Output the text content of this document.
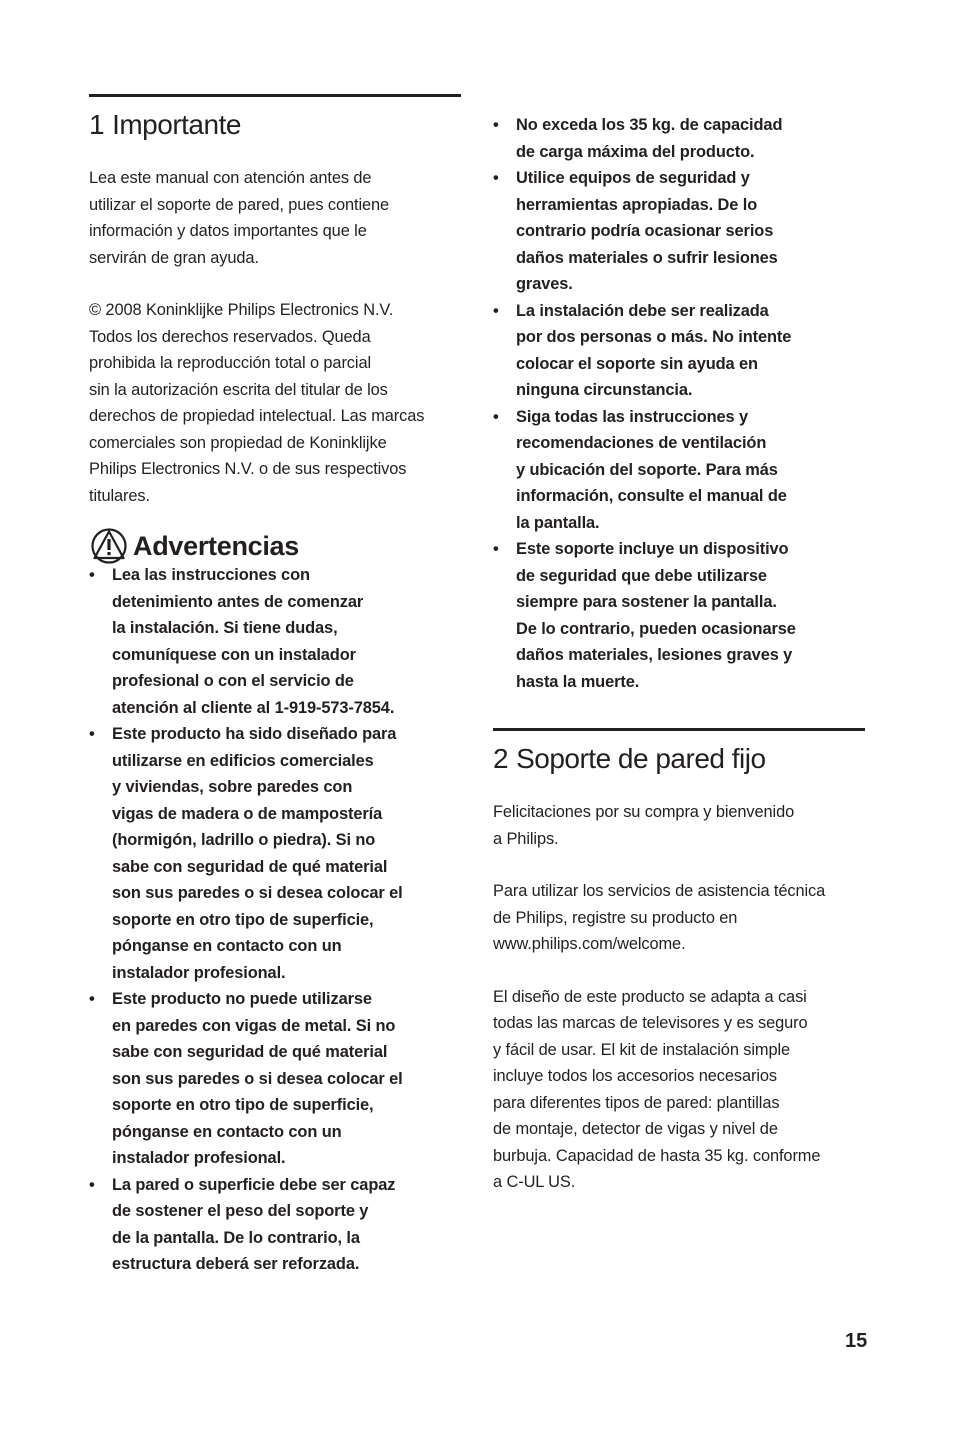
1 Importante

Lea este manual con atención antes de
utilizar el soporte de pared, pues contiene
información y datos importantes que le
servirán de gran ayuda.

© 2008 Koninklijke Philips Electronics N.V.
Todos los derechos reservados. Queda
prohibida la reproducción total o parcial
sin la autorización escrita del titular de los
derechos de propiedad intelectual. Las marcas
comerciales son propiedad de Koninklijke
Philips Electronics N.V. o de sus respectivos
titulares.

Advertencias
• Lea las instrucciones con
detenimiento antes de comenzar
la instalación. Si tiene dudas,
comuníquese con un instalador
profesional o con el servicio de
atención al cliente al 1-919-573-7854.
• Este producto ha sido diseñado para
utilizarse en edificios comerciales
y viviendas, sobre paredes con
vigas de madera o de mampostería
(hormigón, ladrillo o piedra). Si no
sabe con seguridad de qué material
son sus paredes o si desea colocar el
soporte en otro tipo de superficie,
pónganse en contacto con un
instalador profesional.
• Este producto no puede utilizarse
en paredes con vigas de metal. Si no
sabe con seguridad de qué material
son sus paredes o si desea colocar el
soporte en otro tipo de superficie,
pónganse en contacto con un
instalador profesional.
• La pared o superficie debe ser capaz
de sostener el peso del soporte y
de la pantalla. De lo contrario, la
estructura deberá ser reforzada.
• No exceda los 35 kg. de capacidad
de carga máxima del producto.
• Utilice equipos de seguridad y
herramientas apropiadas. De lo
contrario podría ocasionar serios
daños materiales o sufrir lesiones
graves.
• La instalación debe ser realizada
por dos personas o más. No intente
colocar el soporte sin ayuda en
ninguna circunstancia.
• Siga todas las instrucciones y
recomendaciones de ventilación
y ubicación del soporte. Para más
información, consulte el manual de
la pantalla.
• Este soporte incluye un dispositivo
de seguridad que debe utilizarse
siempre para sostener la pantalla.
De lo contrario, pueden ocasionarse
daños materiales, lesiones graves y
hasta la muerte.
2 Soporte de pared fijo

Felicitaciones por su compra y bienvenido
a Philips.

Para utilizar los servicios de asistencia técnica
de Philips, registre su producto en
www.philips.com/welcome.

El diseño de este producto se adapta a casi
todas las marcas de televisores y es seguro
y fácil de usar. El kit de instalación simple
incluye todos los accesorios necesarios
para diferentes tipos de pared: plantillas
de montaje, detector de vigas y nivel de
burbuja. Capacidad de hasta 35 kg. conforme
a C-UL US.

15
